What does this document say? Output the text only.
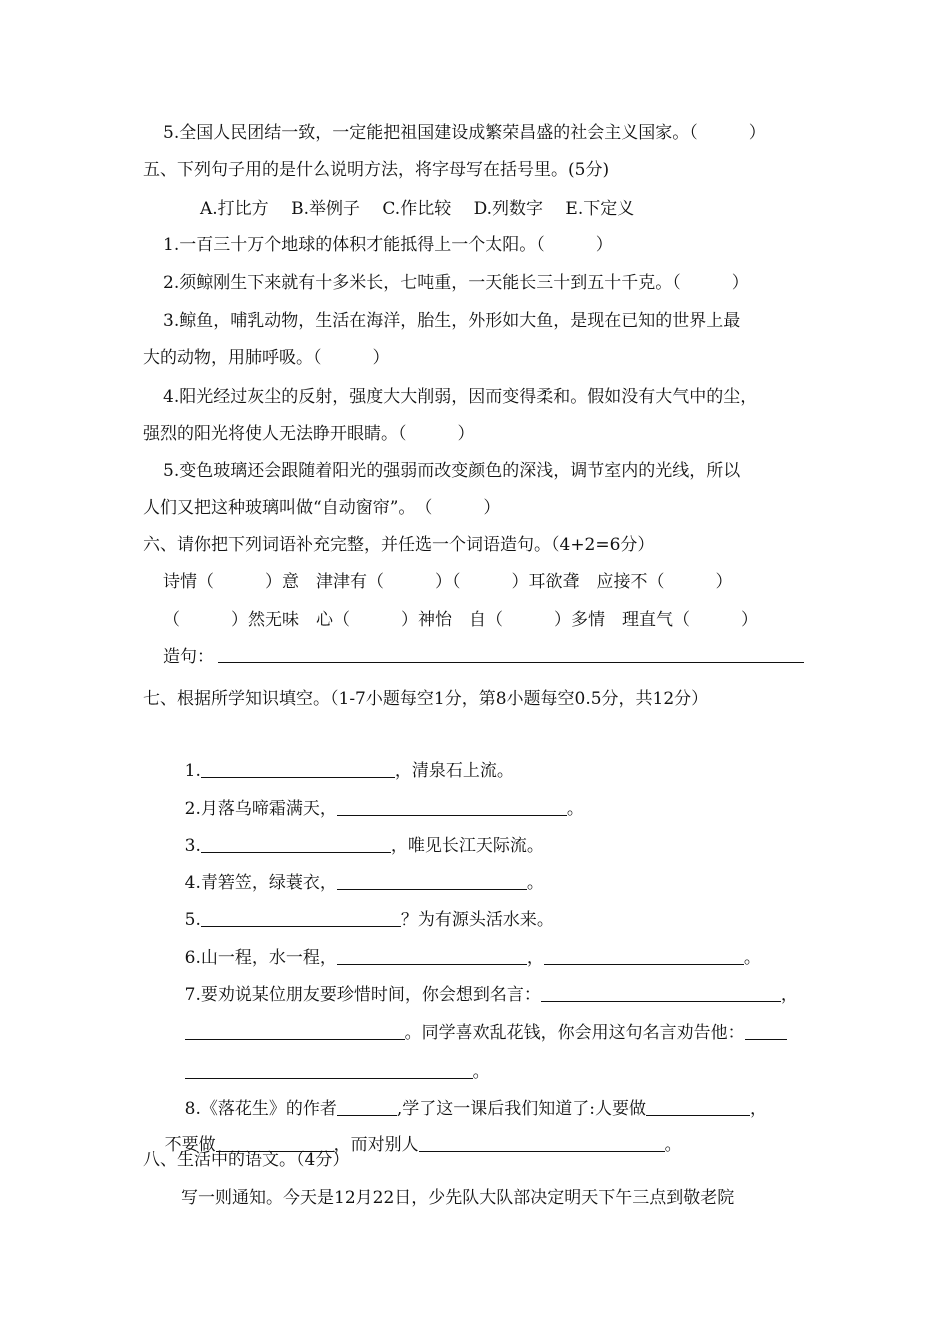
5.全国人民团结一致，一定能把祖国建设成繁荣昌盛的社会主义国家。（　　　）
五、下列句子用的是什么说明方法，将字母写在括号里。(5分)
A.打比方　 B.举例子　 C.作比较　 D.列数字　 E.下定义
1.一百三十万个地球的体积才能抵得上一个太阳。（　　　）
2.须鲸刚生下来就有十多米长，七吨重，一天能长三十到五十千克。（　　　）
3.鲸鱼，哺乳动物，生活在海洋，胎生，外形如大鱼，是现在已知的世界上最
大的动物，用肺呼吸。（　　　）
4.阳光经过灰尘的反射，强度大大削弱，因而变得柔和。假如没有大气中的尘，
强烈的阳光将使人无法睁开眼睛。（　　　）
5.变色玻璃还会跟随着阳光的强弱而改变颜色的深浅，调节室内的光线，所以
人们又把这种玻璃叫做“自动窗帘”。　（　　　）
六、请你把下列词语补充完整，并任选一个词语造句。（4+2=6分）
诗情（　　　）意　津津有（　　　）（　　　）耳欲聋　应接不（　　　）
（　　　）然无味　心（　　　）神怡　自（　　　）多情　理直气（　　　）
造句：
七、根据所学知识填空。（1-7小题每空1分，第8小题每空0.5分，共12分）

1.	，清泉石上流。

2.月落乌啼霜满天，	。

3.	，唯见长江天际流。

4.青箬笠，绿蓑衣，	。

5.	？为有源头活水来。

6.山一程，水一程，	，	。

7.要劝说某位朋友要珍惜时间，你会想到名言：	，

。同学喜欢乱花钱，你会用这句名言劝告他：

。

8.《落花生》的作者	,学了这一课后我们知道了:人要做	，

不要做	，而对别人	。

八、生活中的语文。（4分）
写一则通知。今天是12月22日，少先队大队部决定明天下午三点到敬老院
